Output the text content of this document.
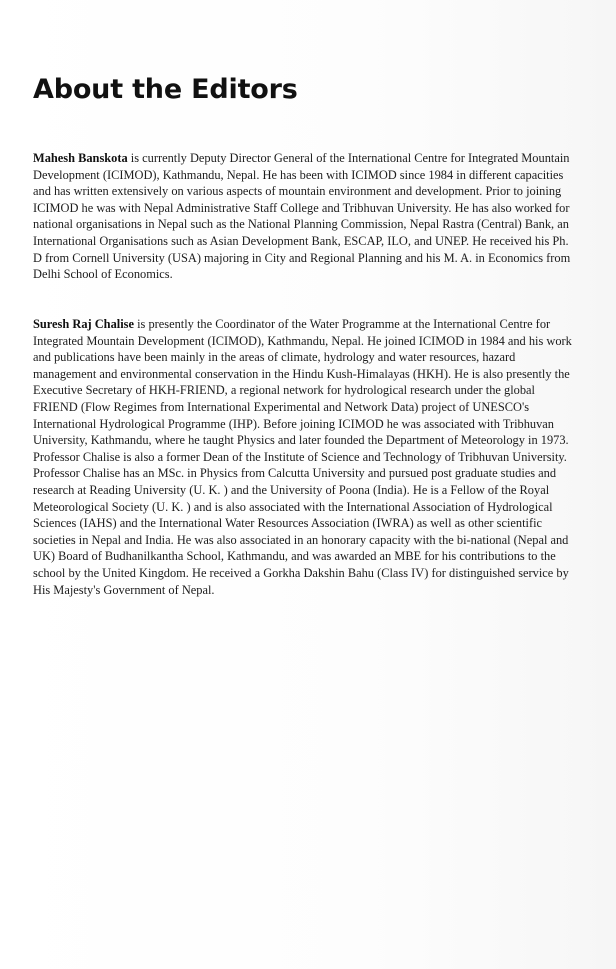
About the Editors

Mahesh Banskota is currently Deputy Director General of the International Centre for Integrated Mountain Development (ICIMOD), Kathmandu, Nepal. He has been with ICIMOD since 1984 in different capacities and has written extensively on various aspects of mountain environment and development. Prior to joining ICIMOD he was with Nepal Administrative Staff College and Tribhuvan University. He has also worked for national organisations in Nepal such as the National Planning Commission, Nepal Rastra (Central) Bank, an International Organisations such as Asian Development Bank, ESCAP, ILO, and UNEP. He received his Ph. D from Cornell University (USA) majoring in City and Regional Planning and his M. A. in Economics from Delhi School of Economics.

Suresh Raj Chalise is presently the Coordinator of the Water Programme at the International Centre for Integrated Mountain Development (ICIMOD), Kathmandu, Nepal. He joined ICIMOD in 1984 and his work and publications have been mainly in the areas of climate, hydrology and water resources, hazard management and environmental conservation in the Hindu Kush-Himalayas (HKH). He is also presently the Executive Secretary of HKH-FRIEND, a regional network for hydrological research under the global FRIEND (Flow Regimes from International Experimental and Network Data) project of UNESCO's International Hydrological Programme (IHP). Before joining ICIMOD he was associated with Tribhuvan University, Kathmandu, where he taught Physics and later founded the Department of Meteorology in 1973. Professor Chalise is also a former Dean of the Institute of Science and Technology of Tribhuvan University. Professor Chalise has an MSc. in Physics from Calcutta University and pursued post graduate studies and research at Reading University (U. K. ) and the University of Poona (India). He is a Fellow of the Royal Meteorological Society (U. K. ) and is also associated with the International Association of Hydrological Sciences (IAHS) and the International Water Resources Association (IWRA) as well as other scientific societies in Nepal and India. He was also associated in an honorary capacity with the bi-national (Nepal and UK) Board of Budhanilkantha School, Kathmandu, and was awarded an MBE for his contributions to the school by the United Kingdom. He received a Gorkha Dakshin Bahu (Class IV) for distinguished service by His Majesty's Government of Nepal.
